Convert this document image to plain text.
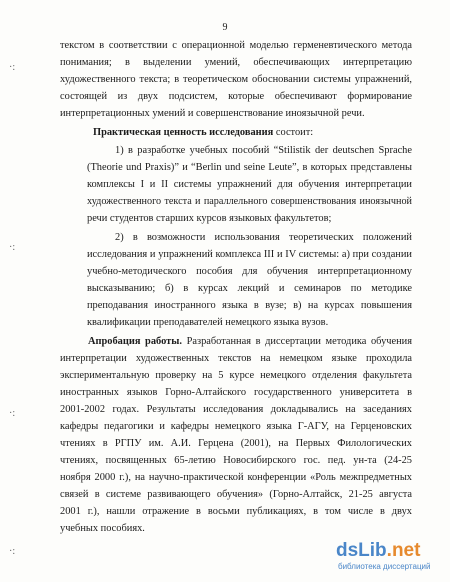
9
·:
·:
·:
·:
текстом в соответствии с операционной моделью герменевтического метода
понимания; в выделении умений, обеспечивающих интерпретацию
художественного текста; в теоретическом обосновании системы упражнений,
состоящей из двух подсистем, которые обеспечивают формирование
интерпретационных умений и совершенствование иноязычной речи.
Практическая ценность исследования состоит:
1) в разработке учебных пособий “Stilistik der deutschen Sprache
(Theorie und Praxis)” и “Berlin und seine Leute”, в которых представлены
комплексы I и II системы упражнений для обучения интерпретации
художественного текста и параллельного совершенствования иноязычной
речи студентов старших курсов языковых факультетов;
2) в возможности использования теоретических положений
исследования и упражнений комплекса III и IV системы: а) при создании
учебно-методического пособия для обучения интерпретационному
высказыванию; б) в курсах лекций и семинаров по методике
преподавания иностранного языка в вузе; в) на курсах повышения
квалификации преподавателей немецкого языка вузов.
Апробация работы. Разработанная в диссертации методика обучения
интерпретации художественных текстов на немецком языке проходила
экспериментальную проверку на 5 курсе немецкого отделения факультета
иностранных языков Горно-Алтайского государственного университета в
2001-2002 годах. Результаты исследования докладывались на заседаниях
кафедры педагогики и кафедры немецкого языка Г-АГУ, на Герценовских
чтениях в РГПУ им. А.И. Герцена (2001), на Первых Филологических
чтениях, посвященных 65-летию Новосибирского гос. пед. ун-та (24-25
ноября 2000 г.), на научно-практической конференции «Роль межпредметных
связей в системе развивающего обучения» (Горно-Алтайск, 21-25 августа
2001 г.), нашли отражение в восьми публикациях, в том числе в двух
учебных пособиях.
dsLib.net
библиотека диссертаций
